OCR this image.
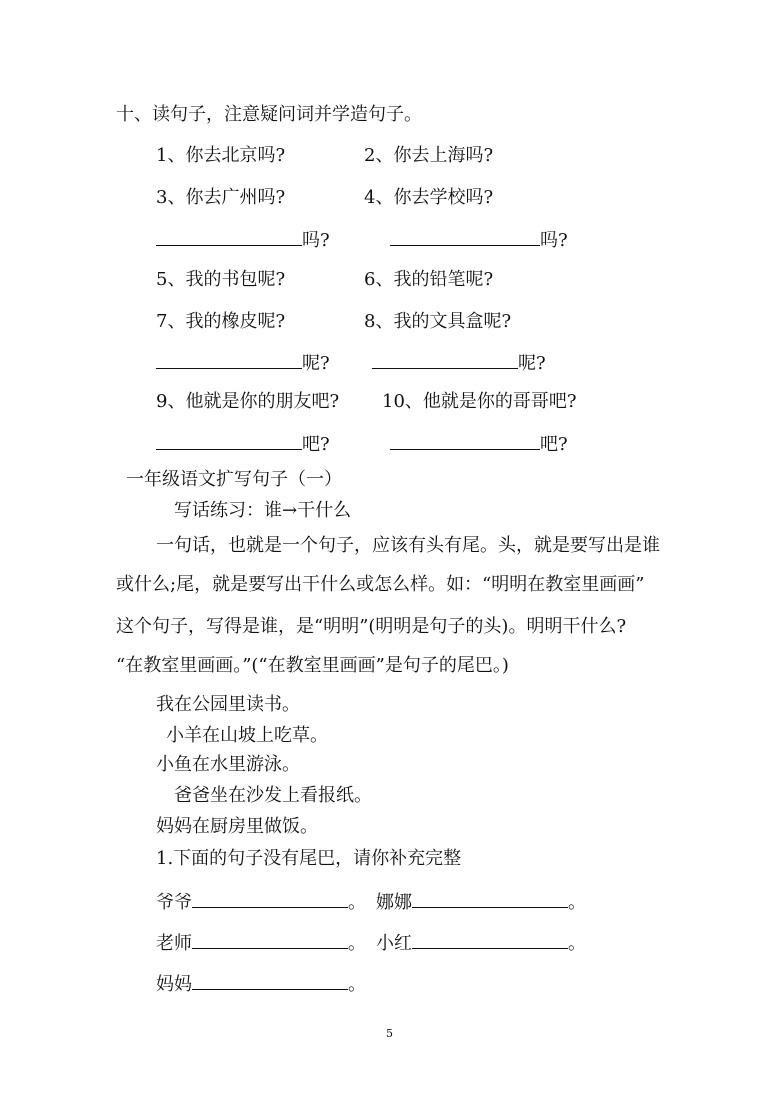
十、读句子，注意疑问词并学造句子。
1、你去北京吗?	2、你去上海吗?
3、你去广州吗?	4、你去学校吗?
吗?	吗?
5、我的书包呢?	6、我的铅笔呢?
7、我的橡皮呢?	8、我的文具盒呢?
呢?	呢?
9、他就是你的朋友吧? 10、他就是你的哥哥吧?
吧?	吧?
一年级语文扩写句子（一）
写话练习：谁→干什么
一句话，也就是一个句子，应该有头有尾。头，就是要写出是谁
或什么;尾，就是要写出干什么或怎么样。如：“明明在教室里画画”
这个句子，写得是谁，是“明明”(明明是句子的头)。明明干什么?
“在教室里画画。”(“在教室里画画”是句子的尾巴。)
我在公园里读书。
小羊在山坡上吃草。
小鱼在水里游泳。
爸爸坐在沙发上看报纸。
妈妈在厨房里做饭。
1.下面的句子没有尾巴，请你补充完整
爷爷	。 娜娜	。
老师	。 小红	。
妈妈	。
5
